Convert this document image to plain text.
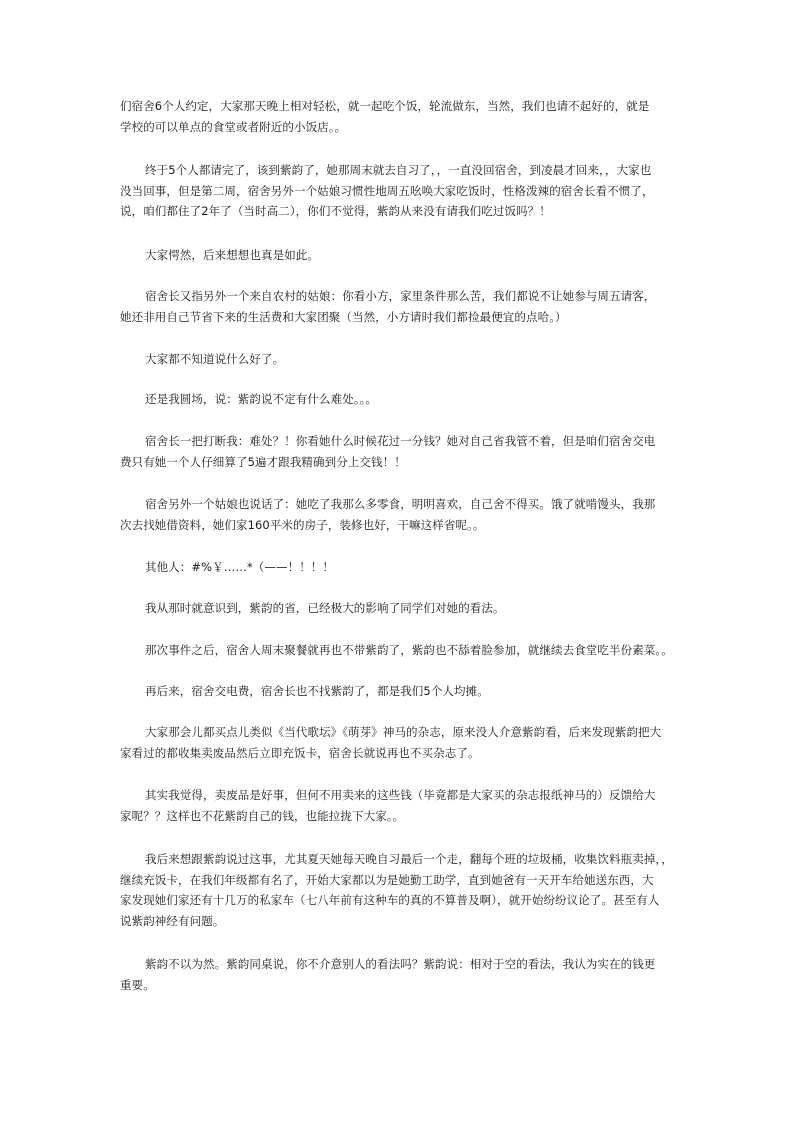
们宿舍6个人约定，大家那天晚上相对轻松，就一起吃个饭，轮流做东，当然，我们也请不起好的，就是
学校的可以单点的食堂或者附近的小饭店。。

终于5个人都请完了，该到紫韵了，她那周末就去自习了，，一直没回宿舍，到凌晨才回来，，大家也
没当回事，但是第二周，宿舍另外一个姑娘习惯性地周五吆唤大家吃饭时，性格泼辣的宿舍长看不惯了，
说，咱们都住了2年了（当时高二），你们不觉得，紫韵从来没有请我们吃过饭吗？！

大家愕然，后来想想也真是如此。

宿舍长又指另外一个来自农村的姑娘：你看小方，家里条件那么苦，我们都说不让她参与周五请客，
她还非用自己节省下来的生活费和大家团聚（当然，小方请时我们都捡最便宜的点哈。）

大家都不知道说什么好了。

还是我圆场，说：紫韵说不定有什么难处。。。

宿舍长一把打断我：难处？！你看她什么时候花过一分钱？她对自己省我管不着，但是咱们宿舍交电
费只有她一个人仔细算了5遍才跟我精确到分上交钱！！

宿舍另外一个姑娘也说话了：她吃了我那么多零食，明明喜欢，自己舍不得买。饿了就啃馒头，我那
次去找她借资料，她们家160平米的房子，装修也好，干嘛这样省呢。。

其他人：#%￥……*（——！！！！

我从那时就意识到，紫韵的省，已经极大的影响了同学们对她的看法。

那次事件之后，宿舍人周末聚餐就再也不带紫韵了，紫韵也不舔着脸参加，就继续去食堂吃半份素菜。。

再后来，宿舍交电费，宿舍长也不找紫韵了，都是我们5个人均摊。

大家那会儿都买点儿类似《当代歌坛》《萌芽》神马的杂志，原来没人介意紫韵看，后来发现紫韵把大
家看过的都收集卖废品然后立即充饭卡，宿舍长就说再也不买杂志了。

其实我觉得，卖废品是好事，但何不用卖来的这些钱（毕竟都是大家买的杂志报纸神马的）反馈给大
家呢？？这样也不花紫韵自己的钱，也能拉拢下大家。。

我后来想跟紫韵说过这事，尤其夏天她每天晚自习最后一个走，翻每个班的垃圾桶，收集饮料瓶卖掉，，
继续充饭卡，在我们年级都有名了，开始大家都以为是她勤工助学，直到她爸有一天开车给她送东西，大
家发现她们家还有十几万的私家车（七八年前有这种车的真的不算普及啊），就开始纷纷议论了。甚至有人
说紫韵神经有问题。

紫韵不以为然。紫韵同桌说，你不介意别人的看法吗？紫韵说：相对于空的看法，我认为实在的钱更
重要。
